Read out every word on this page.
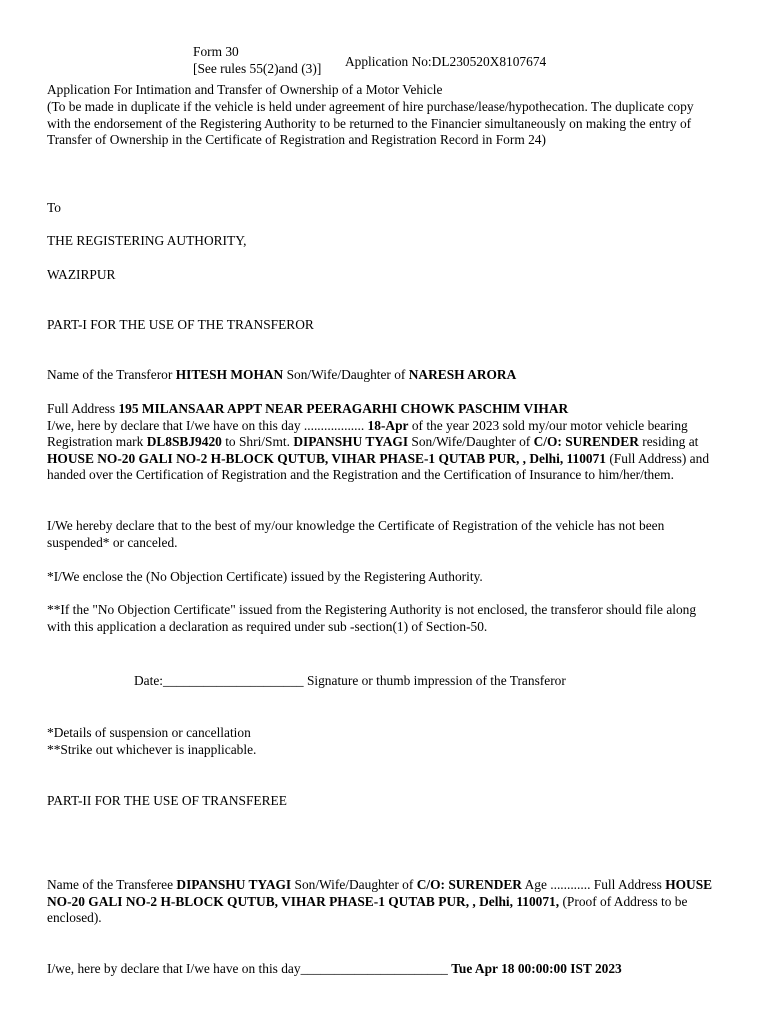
Form 30
[See rules 55(2)and (3)] Application No:DL230520X8107674
Application For Intimation and Transfer of Ownership of a Motor Vehicle
(To be made in duplicate if the vehicle is held under agreement of hire purchase/lease/hypothecation. The duplicate copy with the endorsement of the Registering Authority to be returned to the Financier simultaneously on making the entry of Transfer of Ownership in the Certificate of Registration and Registration Record in Form 24)
To
THE REGISTERING AUTHORITY,
WAZIRPUR
PART-I FOR THE USE OF THE TRANSFEROR
Name of the Transferor HITESH MOHAN Son/Wife/Daughter of NARESH ARORA
Full Address 195 MILANSAAR APPT NEAR PEERAGARHI CHOWK PASCHIM VIHAR
I/we, here by declare that I/we have on this day .................. 18-Apr of the year 2023 sold my/our motor vehicle bearing Registration mark DL8SBJ9420 to Shri/Smt. DIPANSHU TYAGI Son/Wife/Daughter of C/O: SURENDER residing at HOUSE NO-20 GALI NO-2 H-BLOCK QUTUB, VIHAR PHASE-1 QUTAB PUR, , Delhi, 110071 (Full Address) and handed over the Certification of Registration and the Registration and the Certification of Insurance to him/her/them.
I/We hereby declare that to the best of my/our knowledge the Certificate of Registration of the vehicle has not been suspended* or canceled.
*I/We enclose the (No Objection Certificate) issued by the Registering Authority.
**If the "No Objection Certificate" issued from the Registering Authority is not enclosed, the transferor should file along with this application a declaration as required under sub -section(1) of Section-50.
Date:_____________________ Signature or thumb impression of the Transferor
*Details of suspension or cancellation
**Strike out whichever is inapplicable.
PART-II FOR THE USE OF TRANSFEREE
Name of the Transferee DIPANSHU TYAGI Son/Wife/Daughter of C/O: SURENDER Age ............ Full Address HOUSE NO-20 GALI NO-2 H-BLOCK QUTUB, VIHAR PHASE-1 QUTAB PUR, , Delhi, 110071, (Proof of Address to be enclosed).
I/we, here by declare that I/we have on this day______________________ Tue Apr 18 00:00:00 IST 2023
